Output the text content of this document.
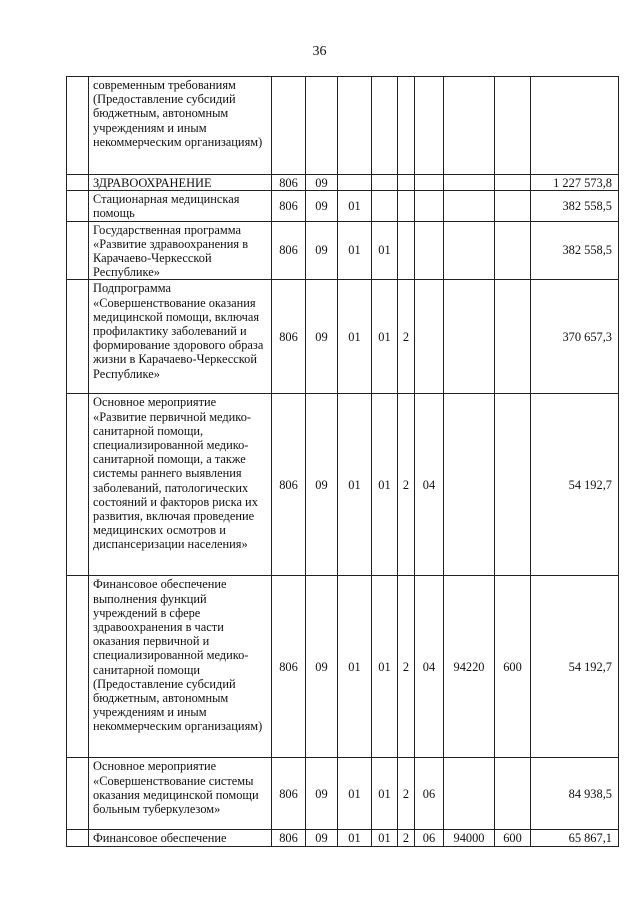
36
	современным требованиям (Предоставление субсидий бюджетным, автономным учреждениям и иным некоммерческим организациям)									
	ЗДРАВООХРАНЕНИЕ	806	09							1 227 573,8
	Стационарная медицинская помощь	806	09	01						382 558,5
	Государственная программа «Развитие здравоохранения в Карачаево-Черкесской Республике»	806	09	01	01					382 558,5
	Подпрограмма «Совершенствование оказания медицинской помощи, включая профилактику заболеваний и формирование здорового образа жизни в Карачаево-Черкесской Республике»	806	09	01	01	2				370 657,3
	Основное мероприятие «Развитие первичной медико-санитарной помощи, специализированной медико-санитарной помощи, а также системы раннего выявления заболеваний, патологических состояний и факторов риска их развития, включая проведение медицинских осмотров и диспансеризации населения»	806	09	01	01	2	04			54 192,7
	Финансовое обеспечение выполнения функций учреждений в сфере здравоохранения в части оказания первичной и специализированной медико-санитарной помощи (Предоставление субсидий бюджетным, автономным учреждениям и иным некоммерческим организациям)	806	09	01	01	2	04	94220	600	54 192,7
	Основное мероприятие «Совершенствование системы оказания медицинской помощи больным туберкулезом»	806	09	01	01	2	06			84 938,5
	Финансовое обеспечение	806	09	01	01	2	06	94000	600	65 867,1
